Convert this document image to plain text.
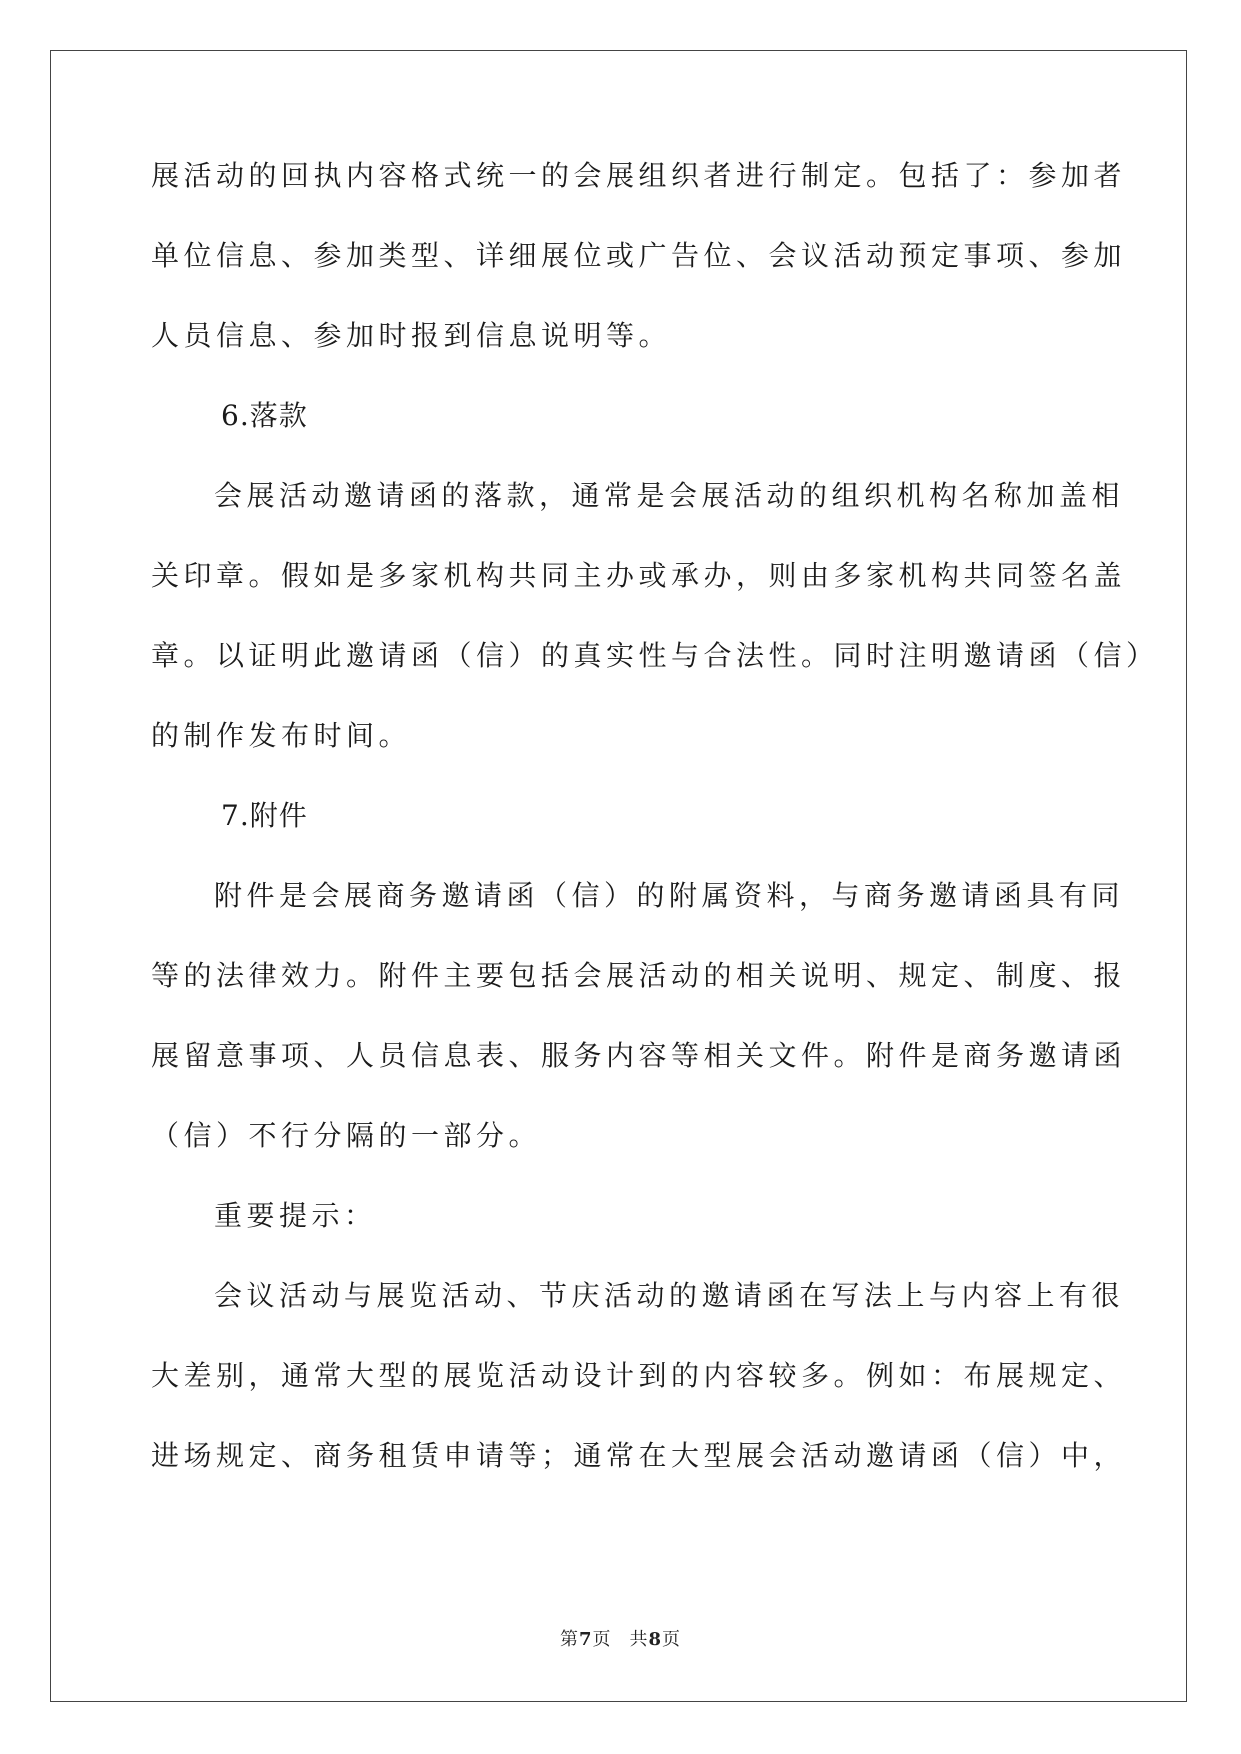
展活动的回执内容格式统一的会展组织者进行制定。包括了：参加者
单位信息、参加类型、详细展位或广告位、会议活动预定事项、参加
人员信息、参加时报到信息说明等。
6.落款
会展活动邀请函的落款，通常是会展活动的组织机构名称加盖相
关印章。假如是多家机构共同主办或承办，则由多家机构共同签名盖
章。以证明此邀请函（信）的真实性与合法性。同时注明邀请函（信）
的制作发布时间。
7.附件
附件是会展商务邀请函（信）的附属资料，与商务邀请函具有同
等的法律效力。附件主要包括会展活动的相关说明、规定、制度、报
展留意事项、人员信息表、服务内容等相关文件。附件是商务邀请函
（信）不行分隔的一部分。
重要提示：
会议活动与展览活动、节庆活动的邀请函在写法上与内容上有很
大差别，通常大型的展览活动设计到的内容较多。例如：布展规定、
进场规定、商务租赁申请等；通常在大型展会活动邀请函（信）中，
第7页 共8页
